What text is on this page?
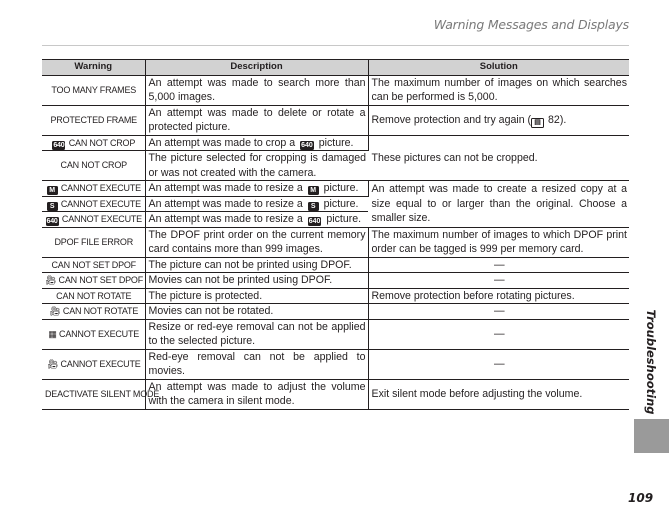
Warning Messages and Displays
Warning	Description	Solution
TOO MANY FRAMES	An attempt was made to search more than 5,000 images.	The maximum number of images on which searches can be performed is 5,000.
PROTECTED FRAME	An attempt was made to delete or rotate a protected picture.	Remove protection and try again ( ▤ 82).
640 CAN NOT CROP	An attempt was made to crop a 640 picture.	These pictures can not be cropped.
CAN NOT CROP	The picture selected for cropping is damaged or was not created with the camera.	
M CANNOT EXECUTE	An attempt was made to resize a M picture.	An attempt was made to create a resized copy at a size equal to or larger than the original. Choose a smaller size.
S CANNOT EXECUTE	An attempt was made to resize a S picture.	
640 CANNOT EXECUTE	An attempt was made to resize a 640 picture.	
DPOF FILE ERROR	The DPOF print order on the current memory card contains more than 999 images.	The maximum number of images to which DPOF print order can be tagged is 999 per memory card.
CAN NOT SET DPOF	The picture can not be printed using DPOF.	—
🎥︎ CAN NOT SET DPOF	Movies can not be printed using DPOF.	—
CAN NOT ROTATE	The picture is protected.	Remove protection before rotating pictures.
🎥︎ CAN NOT ROTATE	Movies can not be rotated.	—
▦ CANNOT EXECUTE	Resize or red-eye removal can not be applied to the selected picture.	—
🎥︎ CANNOT EXECUTE	Red-eye removal can not be applied to movies.	—
DEACTIVATE SILENT MODE	An attempt was made to adjust the volume with the camera in silent mode.	Exit silent mode before adjusting the volume.	Troubleshooting
109
